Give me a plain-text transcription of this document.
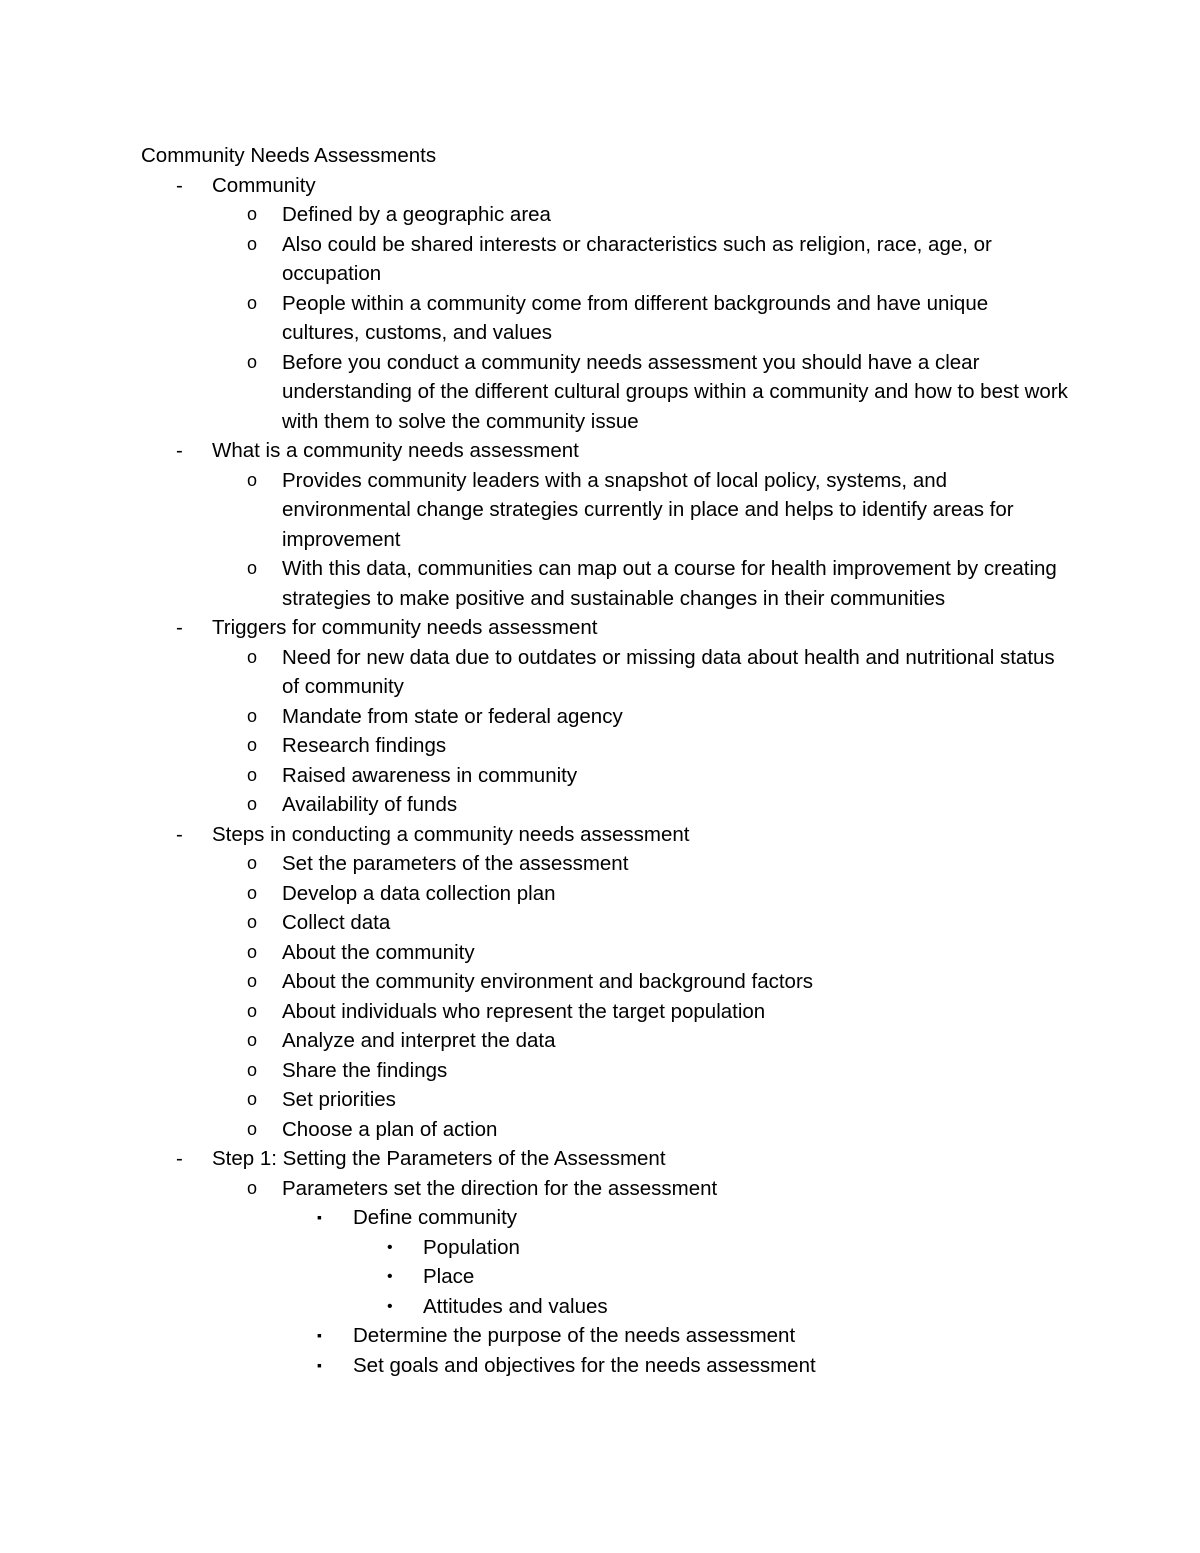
Community Needs Assessments
- Community
o Defined by a geographic area
o Also could be shared interests or characteristics such as religion, race, age, or occupation
o People within a community come from different backgrounds and have unique cultures, customs, and values
o Before you conduct a community needs assessment you should have a clear understanding of the different cultural groups within a community and how to best work with them to solve the community issue
- What is a community needs assessment
o Provides community leaders with a snapshot of local policy, systems, and environmental change strategies currently in place and helps to identify areas for improvement
o With this data, communities can map out a course for health improvement by creating strategies to make positive and sustainable changes in their communities
- Triggers for community needs assessment
o Need for new data due to outdates or missing data about health and nutritional status of community
o Mandate from state or federal agency
o Research findings
o Raised awareness in community
o Availability of funds
- Steps in conducting a community needs assessment
o Set the parameters of the assessment
o Develop a data collection plan
o Collect data
o About the community
o About the community environment and background factors
o About individuals who represent the target population
o Analyze and interpret the data
o Share the findings
o Set priorities
o Choose a plan of action
- Step 1: Setting the Parameters of the Assessment
o Parameters set the direction for the assessment
▪ Define community
• Population
• Place
• Attitudes and values
▪ Determine the purpose of the needs assessment
▪ Set goals and objectives for the needs assessment
